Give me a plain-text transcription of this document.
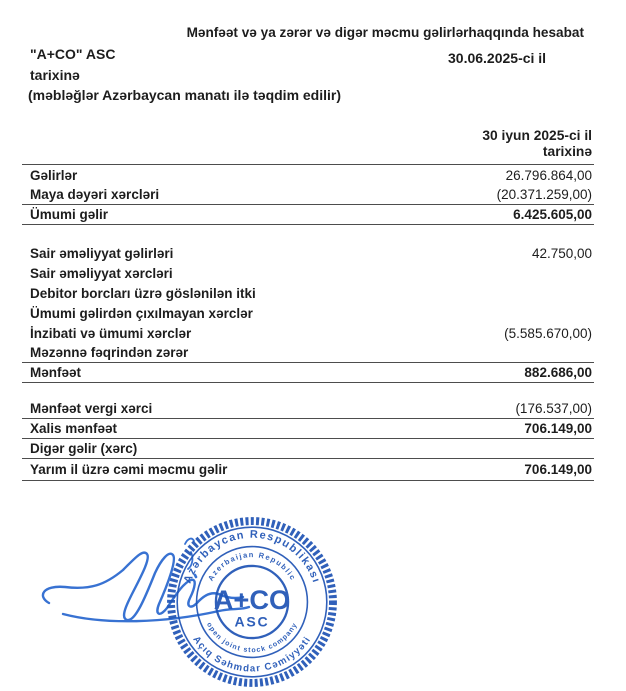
Mənfəət və ya zərər və digər məcmu gəlirlərhaqqında hesabat
"A+CO" ASC	30.06.2025-ci il
tarixinə
(məbləğlər Azərbaycan manatı ilə təqdim edilir)
30 iyun 2025-ci il
tarixinə
Gəlirlər	26.796.864,00
Maya dəyəri xərcləri	(20.371.259,00)
Ümumi gəlir	6.425.605,00
Sair əməliyyat gəlirləri	42.750,00
Sair əməliyyat xərcləri
Debitor borcları üzrə göslənilən itki
Ümumi gəlirdən çıxılmayan xərclər
İnzibati və ümumi xərclər	(5.585.670,00)
Məzənnə fəqrindən zərər
Mənfəət	882.686,00
Mənfəət vergi xərci	(176.537,00)
Xalis mənfəət	706.149,00
Digər gəlir (xərc)
Yarım il üzrə cəmi məcmu gəlir	706.149,00
Azərbaycan Respublikası
Açıq Səhmdar Cəmiyyəti
Azerbaijan Republic
open joint stock company
A+CO
ASC
